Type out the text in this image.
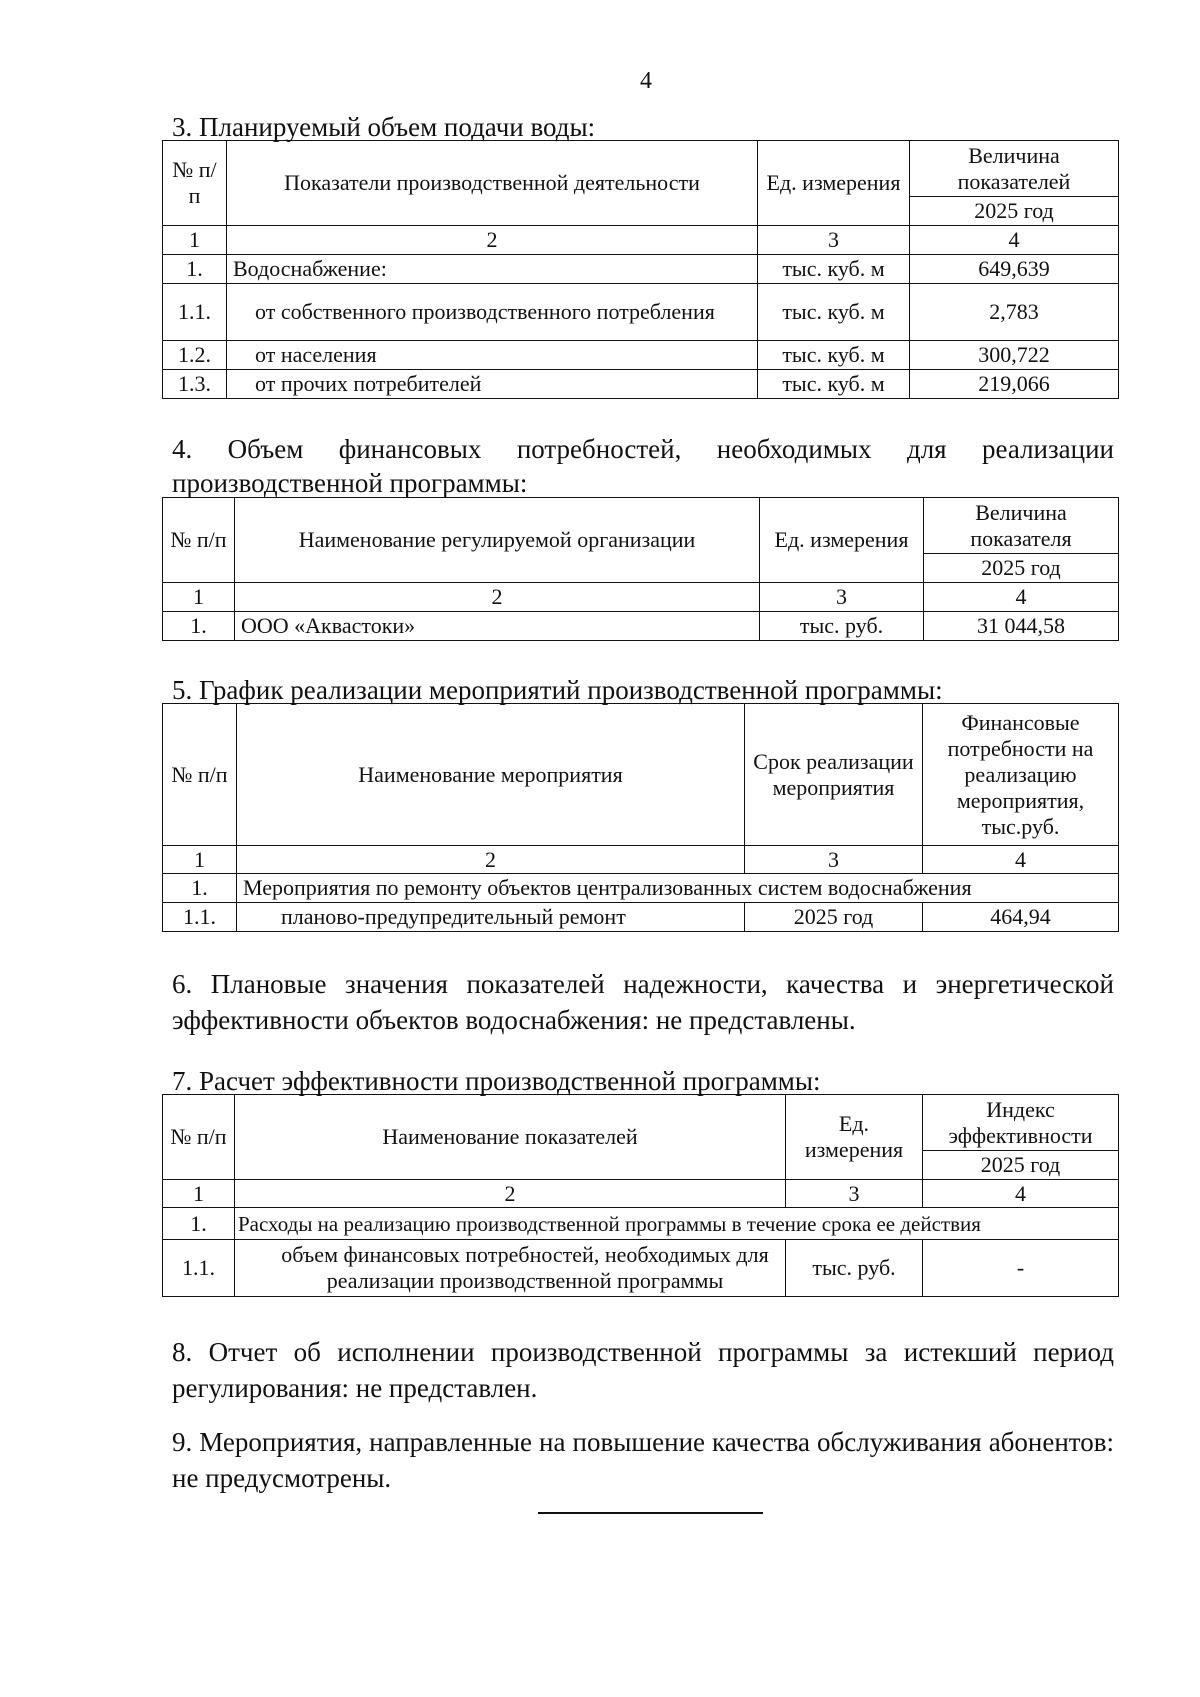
4
3. Планируемый объем подачи воды:
№ п/п	Показатели производственной деятельности	Ед. измерения	Величина показателей
			2025 год
1	2	3	4
1.	Водоснабжение:	тыс. куб. м	649,639
1.1.	от собственного производственного потребления	тыс. куб. м	2,783
1.2.	от населения	тыс. куб. м	300,722
1.3.	от прочих потребителей	тыс. куб. м	219,066
4. Объем финансовых потребностей, необходимых для реализации производственной программы:
№ п/п	Наименование регулируемой организации	Ед. измерения	Величина показателя
			2025 год
1	2	3	4
1.	ООО «Аквастоки»	тыс. руб.	31 044,58
5. График реализации мероприятий производственной программы:
№ п/п	Наименование мероприятия	Срок реализации мероприятия	Финансовые потребности на реализацию мероприятия, тыс.руб.
1	2	3	4
1.	Мероприятия по ремонту объектов централизованных систем водоснабжения		
1.1.	планово-предупредительный ремонт	2025 год	464,94
6. Плановые значения показателей надежности, качества и энергетической эффективности объектов водоснабжения: не представлены.
7. Расчет эффективности производственной программы:
№ п/п	Наименование показателей	Ед. измерения	Индекс эффективности
			2025 год
1	2	3	4
1.	Расходы на реализацию производственной программы в течение срока ее действия		
1.1.	объем финансовых потребностей, необходимых для реализации производственной программы	тыс. руб.	-
8. Отчет об исполнении производственной программы за истекший период регулирования: не представлен.
9. Мероприятия, направленные на повышение качества обслуживания абонентов: не предусмотрены.
